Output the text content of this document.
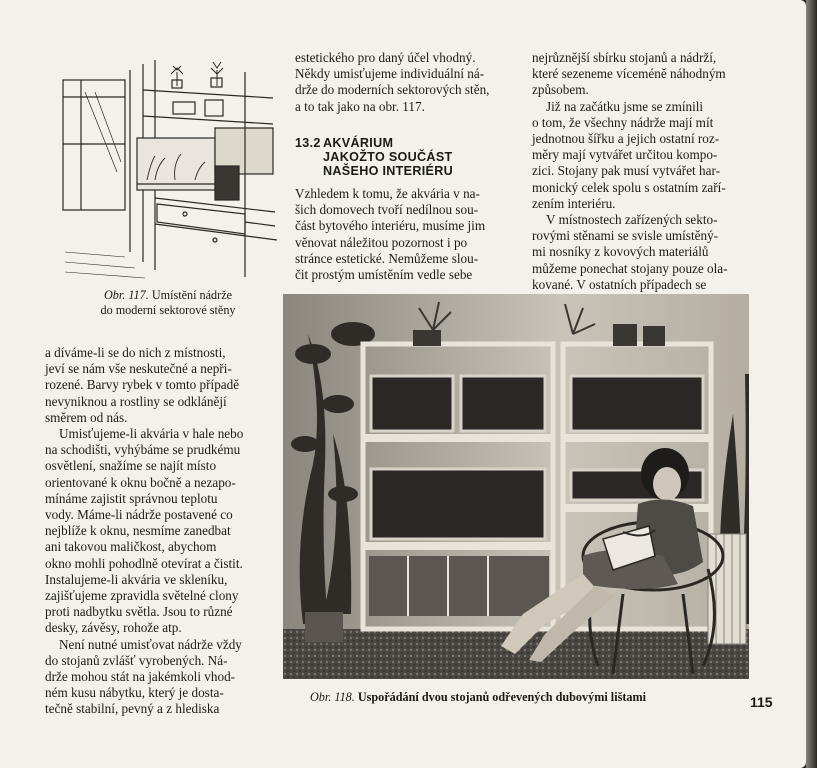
Obr. 117. Umístění nádrže
do moderní sektorové stěny

estetického pro daný účel vhodný.

Někdy umisťujeme individuální ná-

drže do moderních sektorových stěn,

a to tak jako na obr. 117.

13.2 AKVÁRIUM
JAKOŽTO SOUČÁST
NAŠEHO INTERIÉRU

Vzhledem k tomu, že akvária v na-

šich domovech tvoří nedílnou sou-

část bytového interiéru, musíme jim

věnovat náležitou pozornost i po

stránce estetické. Nemůžeme slou-

čit prostým umístěním vedle sebe

nejrůznější sbírku stojanů a nádrží,

které sezeneme víceméně náhodným

způsobem.

Již na začátku jsme se zmínili

o tom, že všechny nádrže mají mít

jednotnou šířku a jejich ostatní roz-

měry mají vytvářet určitou kompo-

zici. Stojany pak musí vytvářet har-

monický celek spolu s ostatním zaří-

zením interiéru.

V místnostech zařízených sekto-

rovými stěnami se svisle umístěný-

mi nosníky z kovových materiálů

můžeme ponechat stojany pouze ola-

kované. V ostatních případech se

a díváme-li se do nich z místnosti,

jeví se nám vše neskutečné a nepři-

rozené. Barvy rybek v tomto případě

nevyniknou a rostliny se odklánějí

směrem od nás.

Umisťujeme-li akvária v hale nebo

na schodišti, vyhýbáme se prudkému

osvětlení, snažíme se najít místo

orientované k oknu bočně a nezapo-

mínáme zajistit správnou teplotu

vody. Máme-li nádrže postavené co

nejblíže k oknu, nesmíme zanedbat

ani takovou maličkost, abychom

okno mohli pohodlně otevírat a čistit.

Instalujeme-li akvária ve skleníku,

zajišťujeme zpravidla světelné clony

proti nadbytku světla. Jsou to různé

desky, závěsy, rohože atp.

Není nutné umisťovat nádrže vždy

do stojanů zvlášť vyrobených. Ná-

drže mohou stát na jakémkoli vhod-

ném kusu nábytku, který je dosta-

tečně stabilní, pevný a z hlediska

Obr. 118. Uspořádání dvou stojanů odřevených dubovými lištami	115
